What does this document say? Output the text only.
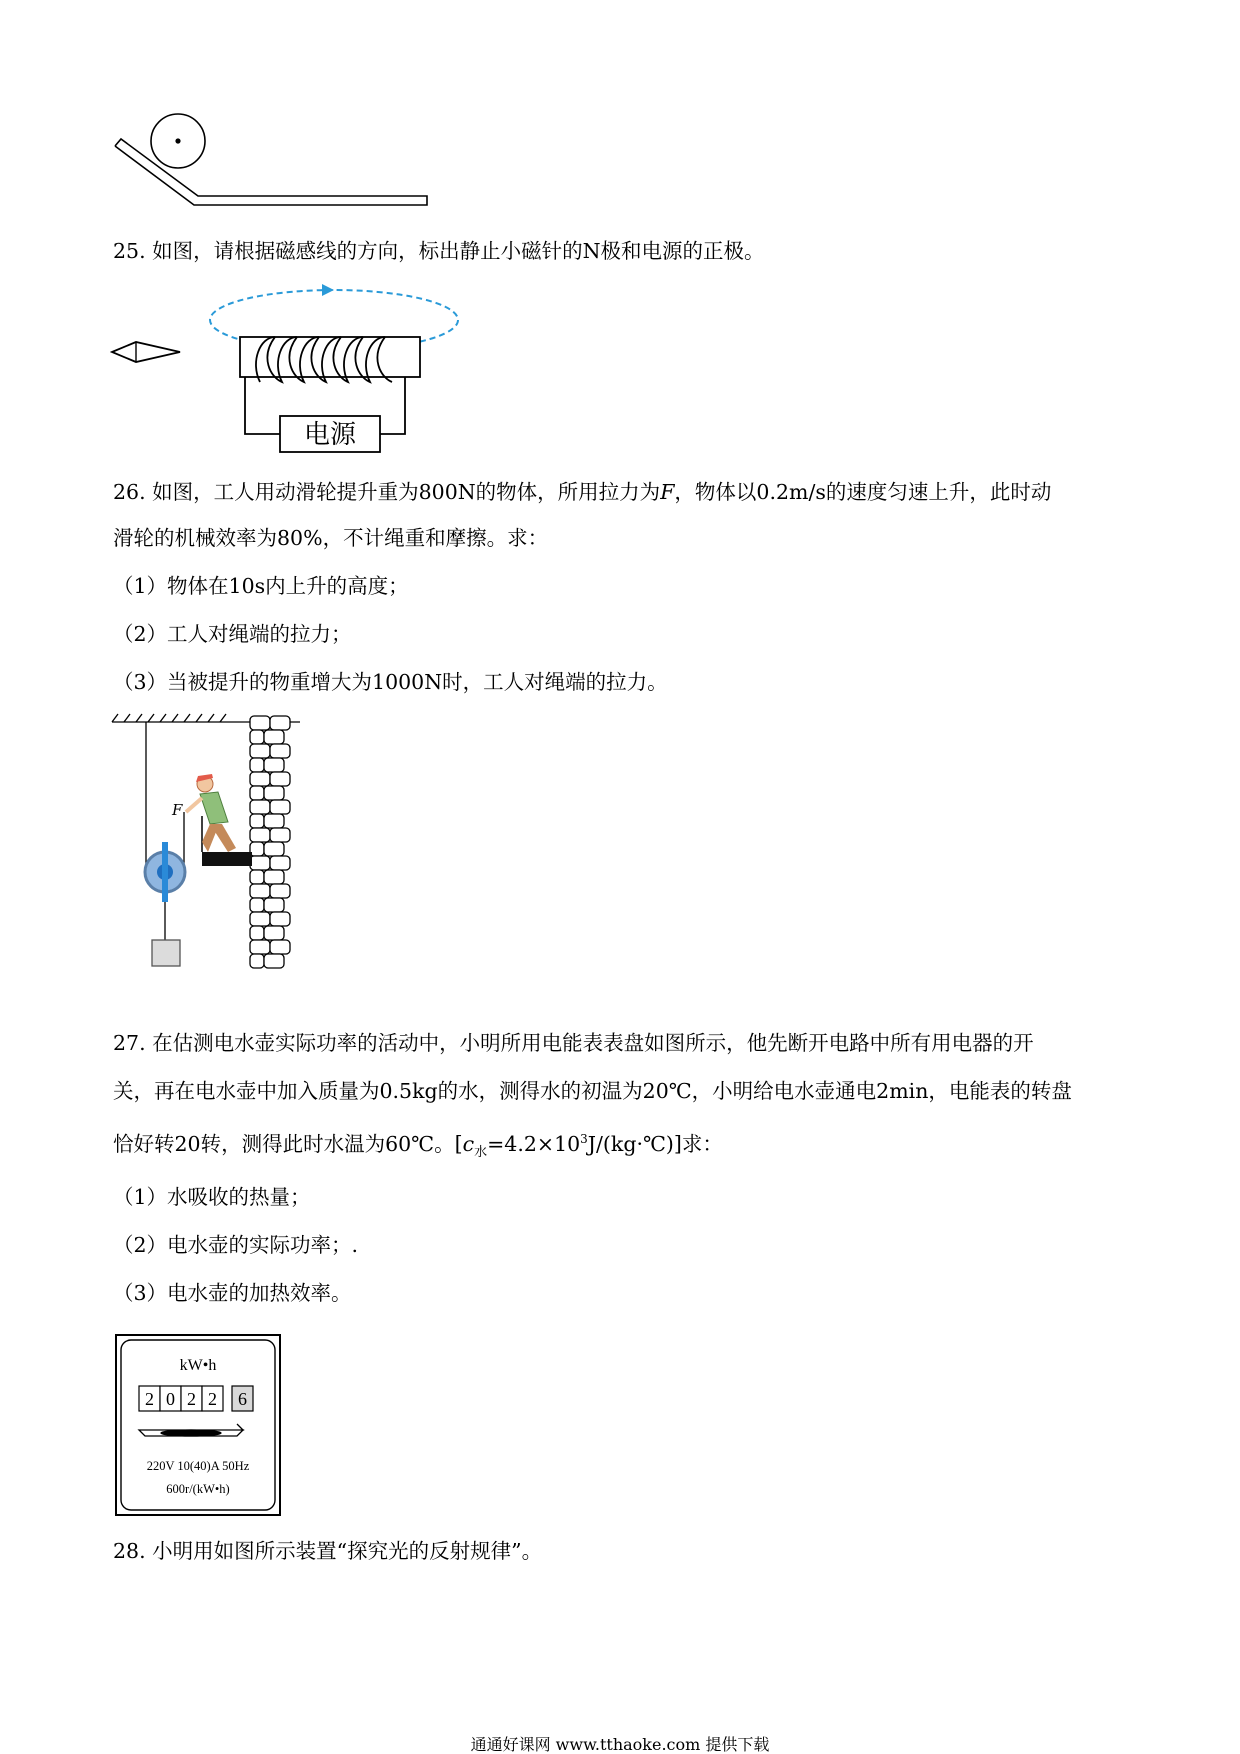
25. 如图，请根据磁感线的方向，标出静止小磁针的N极和电源的正极。
电源
26. 如图，工人用动滑轮提升重为800N的物体，所用拉力为F，物体以0.2m/s的速度匀速上升，此时动
滑轮的机械效率为80%，不计绳重和摩擦。求：
（1）物体在10s内上升的高度；
（2）工人对绳端的拉力；
（3）当被提升的物重增大为1000N时，工人对绳端的拉力。
F
27. 在估测电水壶实际功率的活动中，小明所用电能表表盘如图所示，他先断开电路中所有用电器的开
关，再在电水壶中加入质量为0.5kg的水，测得水的初温为20℃，小明给电水壶通电2min，电能表的转盘
恰好转20转，测得此时水温为60℃。$[c_水=4.2\times 10^3J/(kg\cdot℃)]$求：
（1）水吸收的热量；
（2）电水壶的实际功率；.
（3）电水壶的加热效率。
kW•h
2 0 2 2 6
220V 10(40)A 50Hz
600r/(kW•h)
28. 小明用如图所示装置“探究光的反射规律”。
通通好课网 www.tthaoke.com 提供下载
